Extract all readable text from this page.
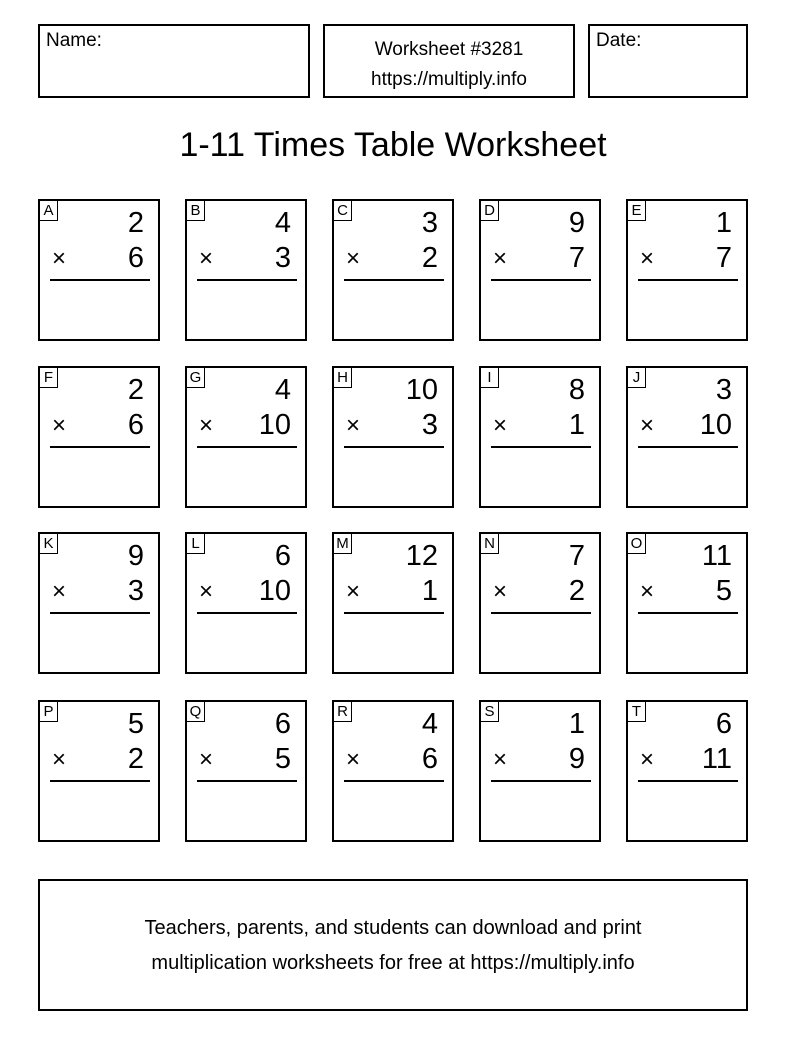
Name:	Worksheet #3281
https://multiply.info
Date:
1-11 Times Table Worksheet
A	2
× 6
B	4
× 3
C	3
× 2
D	9
× 7
E	1
× 7
F	2
× 6
G	4
× 10
H 10
× 3
I	8
× 1
J	3
× 10
K	9
× 3
L	6
× 10
M 12
× 1
N	7
× 2
O 11
× 5
P	5
× 2
Q	6
× 5
R	4
× 6
S	1
× 9
T	6
× 11
Teachers, parents, and students can download and print
multiplication worksheets for free at https://multiply.info
